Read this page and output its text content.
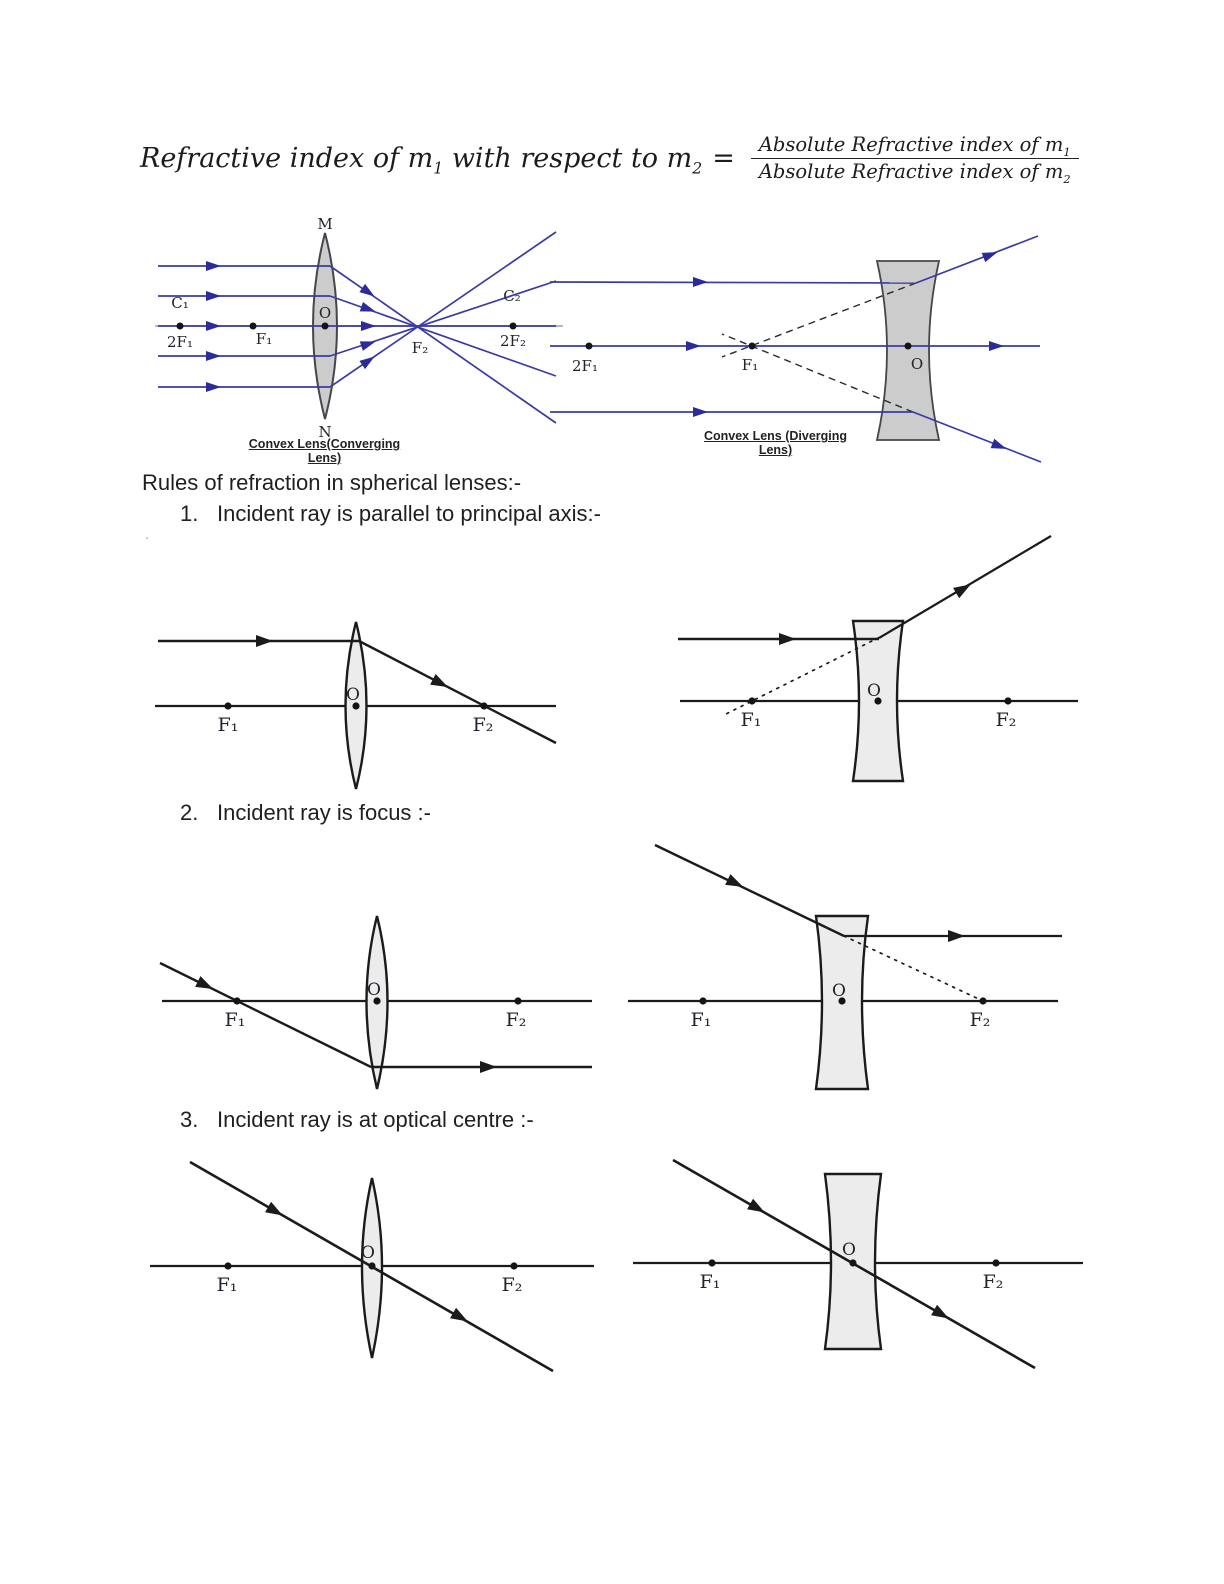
Refractive index of $m_1$ with respect to $m_2 = \frac{Absolute Refractive index of m_1}{Absolute Refractive index of m_2}$
M
N
O
C₁
2F₁	F₁	F₂
C₂
2F₂
Convex Lens(Converging Lens)
2F₁	F₁	O
Convex Lens (Diverging Lens)
Rules of refraction in spherical lenses:-
1. Incident ray is parallel to principal axis:-
.
F₁
O
F₂	F₁
O
F₂
2. Incident ray is focus :-
F₁
O
F₂	F₁
O
F₂
3. Incident ray is at optical centre :-
F₁
O
F₂	F₁
O
F₂
